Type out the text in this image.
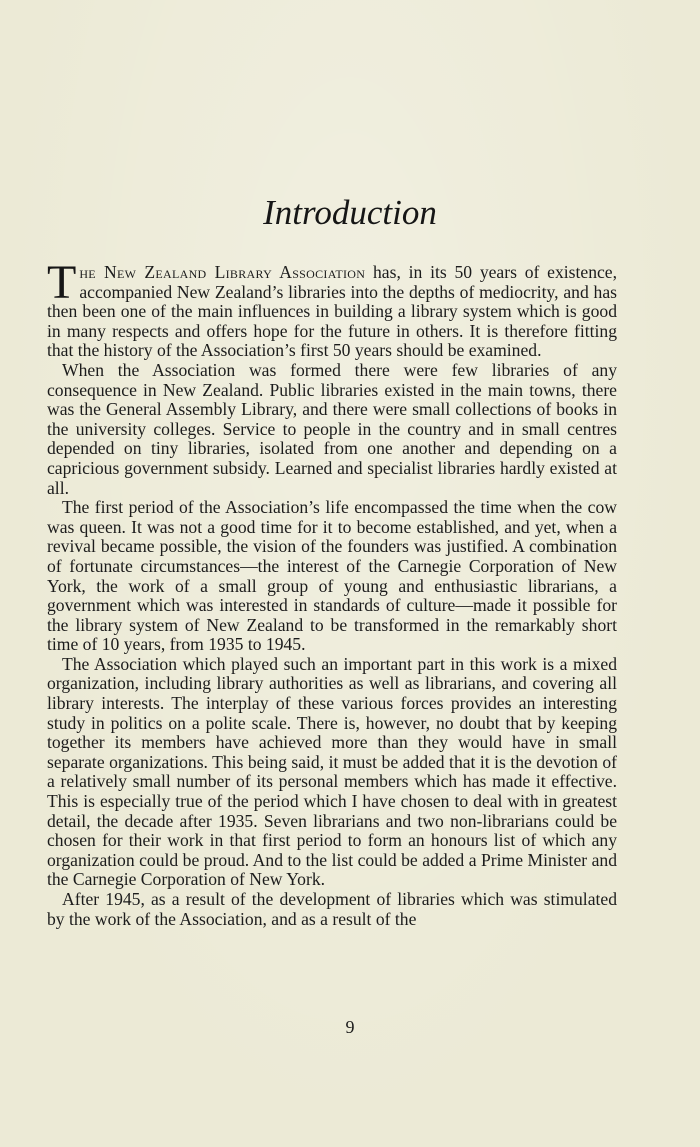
Introduction

The New Zealand Library Association has, in its 50 years of existence, accompanied New Zealand’s libraries into the depths of mediocrity, and has then been one of the main influences in building a library system which is good in many respects and offers hope for the future in others. It is therefore fitting that the history of the Association’s first 50 years should be examined.

When the Association was formed there were few libraries of any consequence in New Zealand. Public libraries existed in the main towns, there was the General Assembly Library, and there were small collections of books in the university colleges. Service to people in the country and in small centres depended on tiny libraries, isolated from one another and depending on a capricious government subsidy. Learned and specialist libraries hardly existed at all.

The first period of the Association’s life encompassed the time when the cow was queen. It was not a good time for it to become established, and yet, when a revival became possible, the vision of the founders was justified. A combination of fortunate circumstances—the interest of the Carnegie Corporation of New York, the work of a small group of young and enthusiastic librarians, a government which was interested in standards of culture—made it possible for the library system of New Zealand to be transformed in the remarkably short time of 10 years, from 1935 to 1945.

The Association which played such an important part in this work is a mixed organization, including library authorities as well as librarians, and covering all library interests. The interplay of these various forces provides an interesting study in politics on a polite scale. There is, however, no doubt that by keeping together its members have achieved more than they would have in small separate organizations. This being said, it must be added that it is the devotion of a relatively small number of its personal members which has made it effective. This is especially true of the period which I have chosen to deal with in greatest detail, the decade after 1935. Seven librarians and two non-librarians could be chosen for their work in that first period to form an honours list of which any organization could be proud. And to the list could be added a Prime Minister and the Carnegie Corporation of New York.

After 1945, as a result of the development of libraries which was stimulated by the work of the Association, and as a result of the

9
